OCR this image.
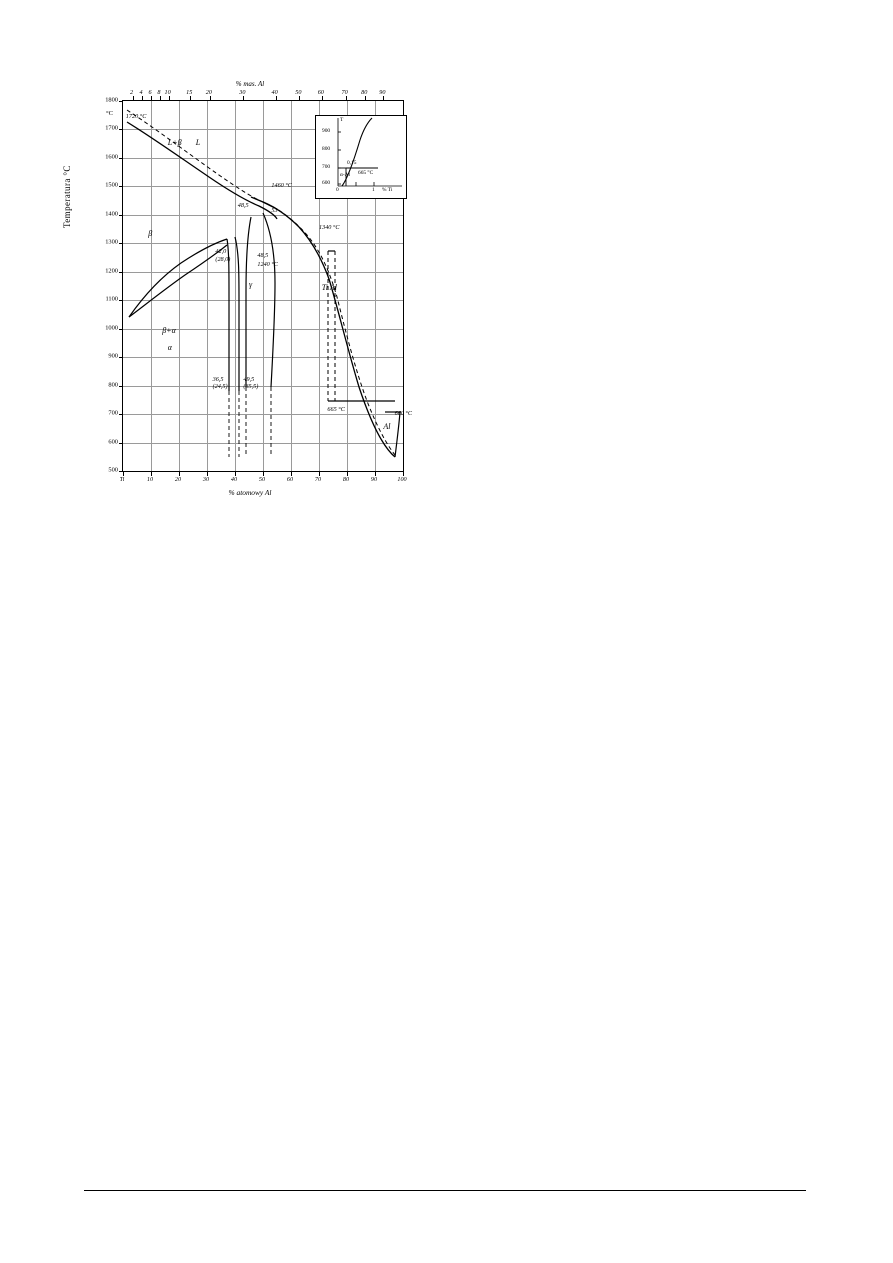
Temperatura °C
% mas. Al
% atomowy Al
°C
1800
1700
1600
1500
1400
1300
1200
1100
1000
900
800
700
600
500
2 4 6 8 10 15 20	30	40	50	60	70 80 90
Ti	10	20	30	40	50	60	70	80	90	100
L
L+β
β
β+α
α
γ	Ti Al
Al
1720 °C
1460 °C
1340 °C
48,5
53
42,0
(28,0)
48,5
1240 °C
36,5
(24,5)
49,5
(35,5)
665 °C
660 °C
900
800
700
600
0	1 % Ti
T
0,15
α-Al 665 °C
